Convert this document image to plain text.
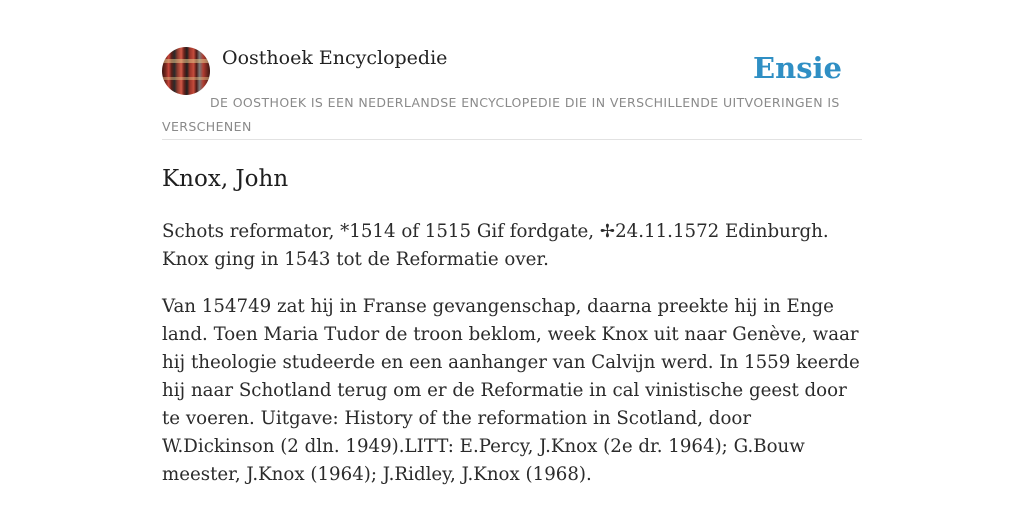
Oosthoek Encyclopedie	Ensie
DE OOSTHOEK IS EEN NEDERLANDSE ENCYCLOPEDIE DIE IN VERSCHILLENDE UITVOERINGEN IS VERSCHENEN
Knox, John

Schots reformator, *1514 of 1515 Gif fordgate, ✢24.11.1572 Edinburgh. Knox ging in 1543 tot de Reformatie over.

Van 154749 zat hij in Franse gevangenschap, daarna preekte hij in Enge land. Toen Maria Tudor de troon beklom, week Knox uit naar Genève, waar hij theologie studeerde en een aanhanger van Calvijn werd. In 1559 keerde hij naar Schotland terug om er de Reformatie in cal vinistische geest door te voeren. Uitgave: History of the reformation in Scotland, door W.Dickinson (2 dln. 1949).LITT: E.Percy, J.Knox (2e dr. 1964); G.Bouw meester, J.Knox (1964); J.Ridley, J.Knox (1968).
